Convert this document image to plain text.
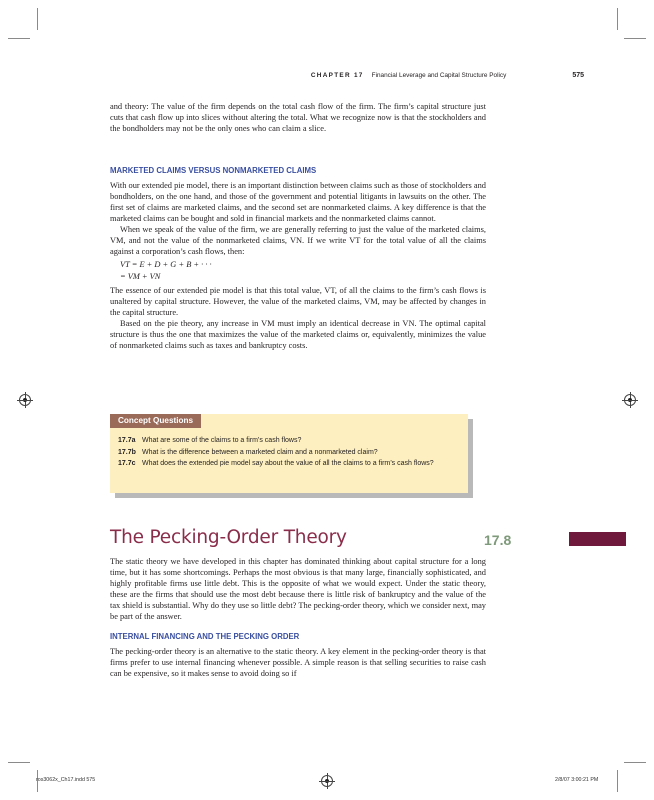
CHAPTER 17 Financial Leverage and Capital Structure Policy	575

and theory: The value of the firm depends on the total cash flow of the firm. The firm’s capital structure just cuts that cash flow up into slices without altering the total. What we recognize now is that the stockholders and the bondholders may not be the only ones who can claim a slice.

MARKETED CLAIMS VERSUS NONMARKETED CLAIMS

With our extended pie model, there is an important distinction between claims such as those of stockholders and bondholders, on the one hand, and those of the government and potential litigants in lawsuits on the other. The first set of claims are marketed claims, and the second set are nonmarketed claims. A key difference is that the marketed claims can be bought and sold in financial markets and the nonmarketed claims cannot.

When we speak of the value of the firm, we are generally referring to just the value of the marketed claims, VM, and not the value of the nonmarketed claims, VN. If we write VT for the total value of all the claims against a corporation’s cash flows, then:

VT = E + D + G + B + · · ·
= VM + VN

The essence of our extended pie model is that this total value, VT, of all the claims to the firm’s cash flows is unaltered by capital structure. However, the value of the marketed claims, VM, may be affected by changes in the capital structure.

Based on the pie theory, any increase in VM must imply an identical decrease in VN. The optimal capital structure is thus the one that maximizes the value of the marketed claims or, equivalently, minimizes the value of nonmarketed claims such as taxes and bankruptcy costs.

Concept Questions
17.7a What are some of the claims to a firm’s cash flows?
17.7b What is the difference between a marketed claim and a nonmarketed claim?
17.7c What does the extended pie model say about the value of all the claims to a firm’s cash flows?
The Pecking-Order Theory	17.8

The static theory we have developed in this chapter has dominated thinking about capital structure for a long time, but it has some shortcomings. Perhaps the most obvious is that many large, financially sophisticated, and highly profitable firms use little debt. This is the opposite of what we would expect. Under the static theory, these are the firms that should use the most debt because there is little risk of bankruptcy and the value of the tax shield is substantial. Why do they use so little debt? The pecking-order theory, which we consider next, may be part of the answer.

INTERNAL FINANCING AND THE PECKING ORDER

The pecking-order theory is an alternative to the static theory. A key element in the pecking-order theory is that firms prefer to use internal financing whenever possible. A simple reason is that selling securities to raise cash can be expensive, so it makes sense to avoid doing so if

ros3062x_Ch17.indd 575	2/8/07 3:00:21 PM
